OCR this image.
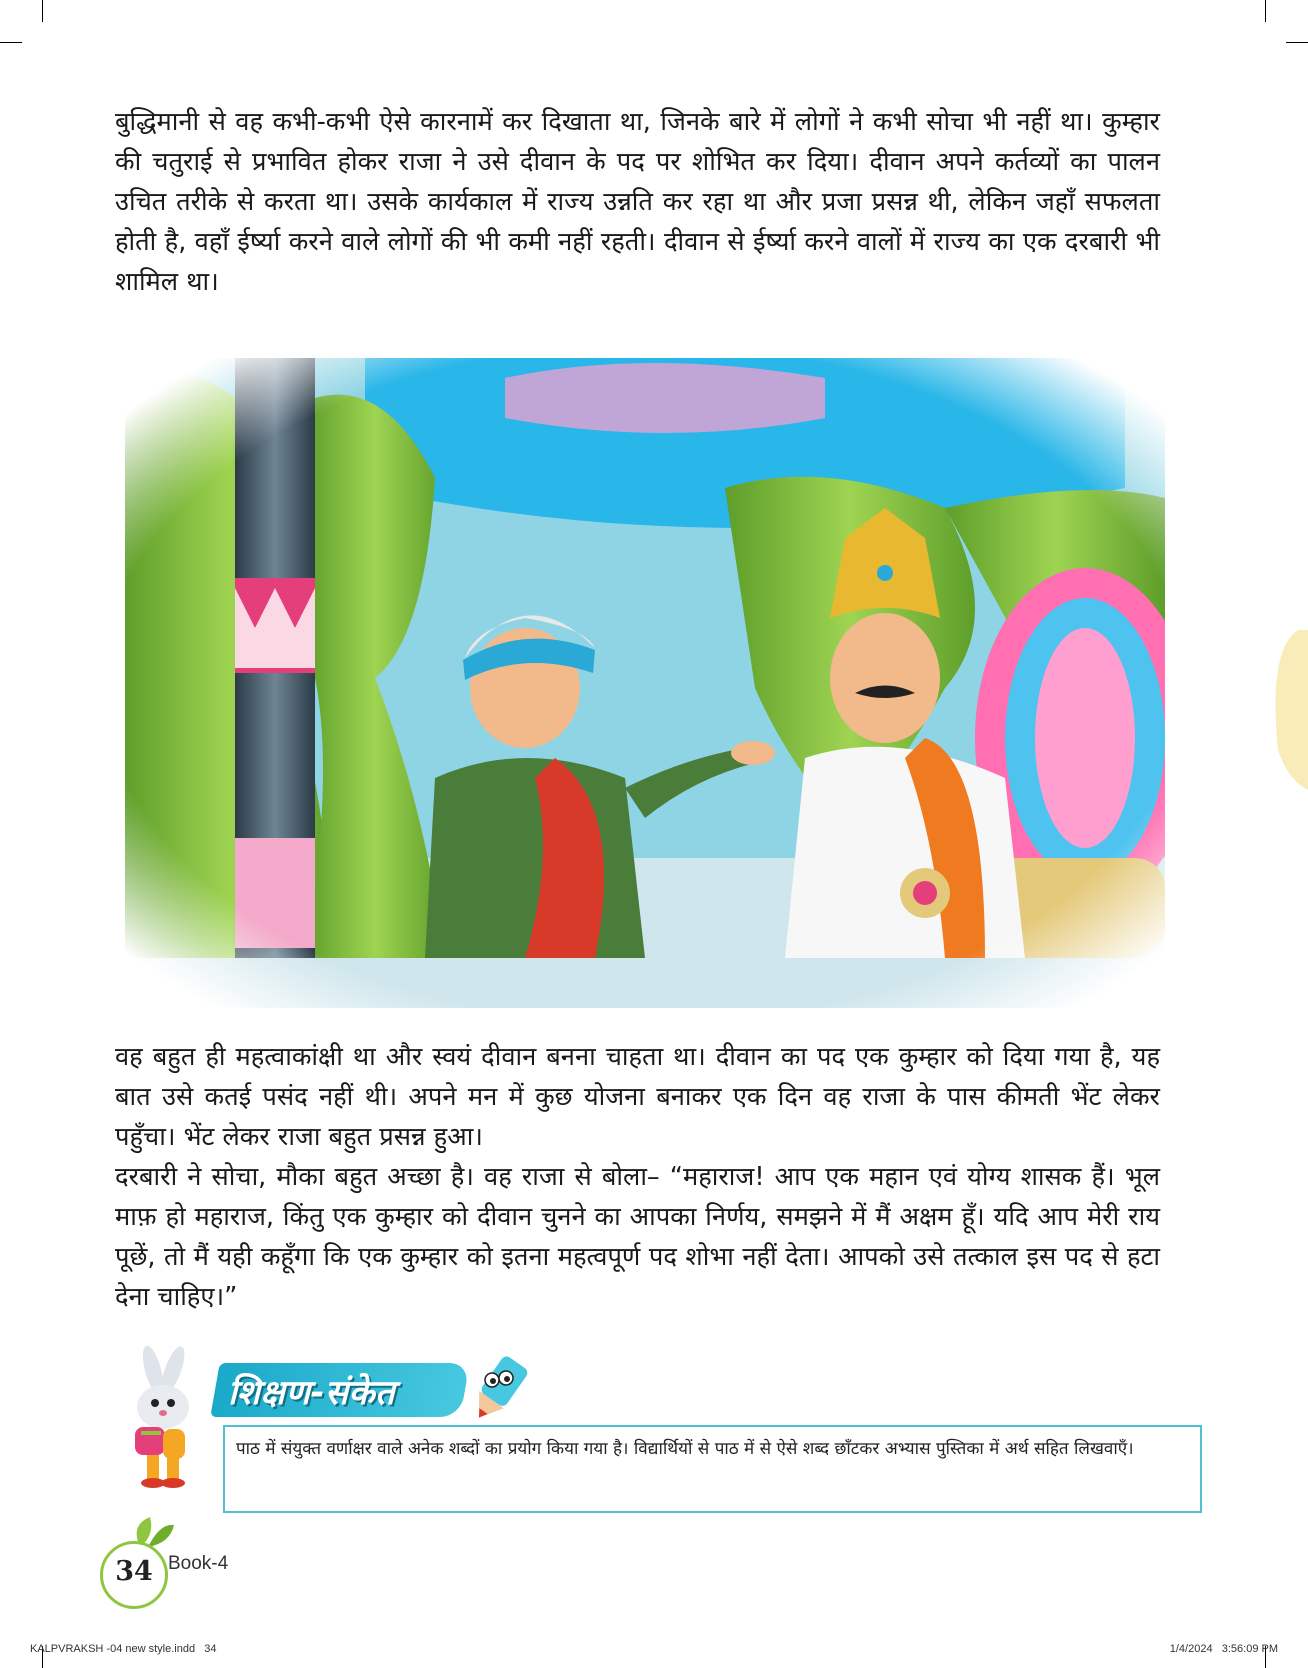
बुद्धिमानी से वह कभी-कभी ऐसे कारनामें कर दिखाता था, जिनके बारे में लोगों ने कभी सोचा भी नहीं था। कुम्हार की चतुराई से प्रभावित होकर राजा ने उसे दीवान के पद पर शोभित कर दिया। दीवान अपने कर्तव्यों का पालन उचित तरीके से करता था। उसके कार्यकाल में राज्य उन्नति कर रहा था और प्रजा प्रसन्न थी, लेकिन जहाँ सफलता होती है, वहाँ ईर्ष्या करने वाले लोगों की भी कमी नहीं रहती। दीवान से ईर्ष्या करने वालों में राज्य का एक दरबारी भी शामिल था।

वह बहुत ही महत्वाकांक्षी था और स्वयं दीवान बनना चाहता था। दीवान का पद एक कुम्हार को दिया गया है, यह बात उसे कतई पसंद नहीं थी। अपने मन में कुछ योजना बनाकर एक दिन वह राजा के पास कीमती भेंट लेकर पहुँचा। भेंट लेकर राजा बहुत प्रसन्न हुआ।

दरबारी ने सोचा, मौका बहुत अच्छा है। वह राजा से बोला– “महाराज! आप एक महान एवं योग्य शासक हैं। भूल माफ़ हो महाराज, किंतु एक कुम्हार को दीवान चुनने का आपका निर्णय, समझने में मैं अक्षम हूँ। यदि आप मेरी राय पूछें, तो मैं यही कहूँगा कि एक कुम्हार को इतना महत्वपूर्ण पद शोभा नहीं देता। आपको उसे तत्काल इस पद से हटा देना चाहिए।”

शिक्षण-संकेत
पाठ में संयुक्त वर्णाक्षर वाले अनेक शब्दों का प्रयोग किया गया है। विद्यार्थियों से पाठ में से ऐसे शब्द छाँटकर अभ्यास पुस्तिका में अर्थ सहित लिखवाएँ।
34 Book-4
KALPVRAKSH -04 new style.indd   34	1/4/2024   3:56:09 PM
